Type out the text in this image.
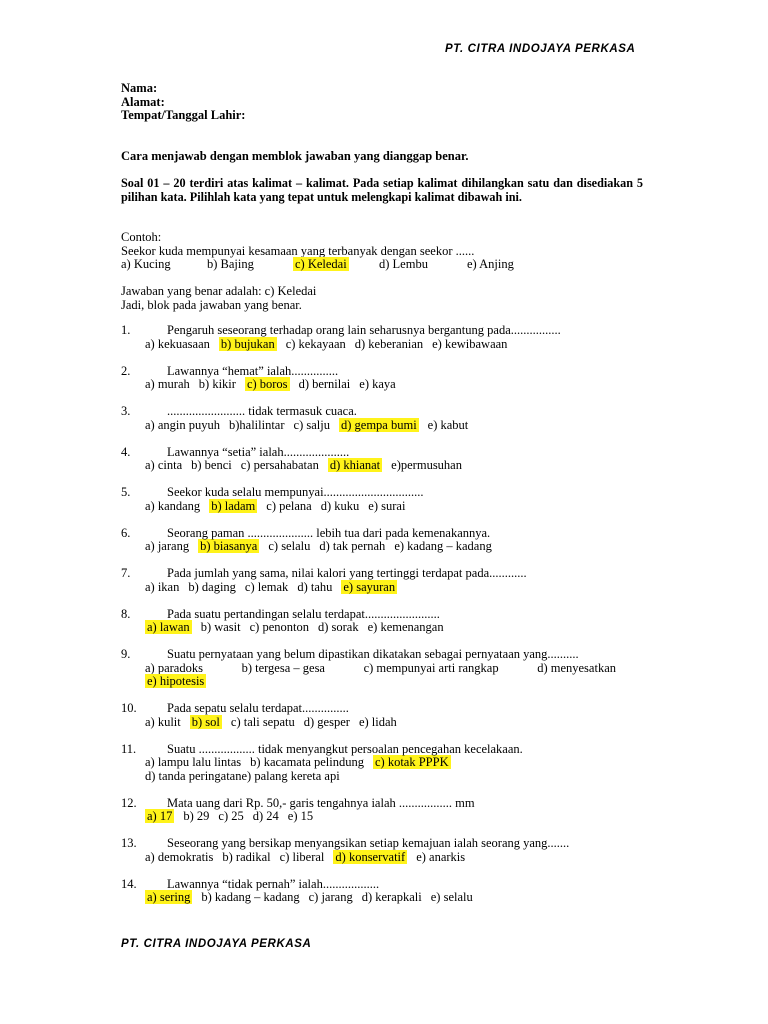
PT. CITRA INDOJAYA PERKASA
Nama:
Alamat:
Tempat/Tanggal Lahir:
Cara menjawab dengan memblok jawaban yang dianggap benar.
Soal 01 – 20 terdiri atas kalimat – kalimat. Pada setiap kalimat dihilangkan satu dan disediakan 5 pilihan kata. Pilihlah kata yang tepat untuk melengkapi kalimat dibawah ini.
Contoh:
Seekor kuda mempunyai kesamaan yang terbanyak dengan seekor ......
a) Kucing	b) Bajing	c) Keledai	d) Lembu	e) Anjing
Jawaban yang benar adalah: c) Keledai
Jadi, blok pada jawaban yang benar.
1.	Pengaruh seseorang terhadap orang lain seharusnya bergantung pada................
a) kekuasaan b) bujukan c) kekayaan d) keberanian e) kewibawaan
2.	Lawannya “hemat” ialah...............
a) murah b) kikir c) boros d) bernilai e) kaya
3.	......................... tidak termasuk cuaca.
a) angin puyuh b)halilintar c) salju d) gempa bumi e) kabut
4.	Lawannya “setia” ialah.....................
a) cinta b) benci c) persahabatan d) khianat e)permusuhan
5.	Seekor kuda selalu mempunyai................................
a) kandang b) ladam c) pelana d) kuku e) surai
6.	Seorang paman ..................... lebih tua dari pada kemenakannya.
a) jarang b) biasanya c) selalu d) tak pernah e) kadang – kadang
7.	Pada jumlah yang sama, nilai kalori yang tertinggi terdapat pada............
a) ikan b) daging c) lemak d) tahu e) sayuran
8.	Pada suatu pertandingan selalu terdapat........................
a) lawan b) wasit c) penonton d) sorak e) kemenangan
9.	Suatu pernyataan yang belum dipastikan dikatakan sebagai pernyataan yang..........
a) paradoks	b) tergesa – gesa	c) mempunyai arti rangkap	d) menyesatkan
e) hipotesis
10. Pada sepatu selalu terdapat...............
a) kulit b) sol c) tali sepatu d) gesper e) lidah
11. Suatu .................. tidak menyangkut persoalan pencegahan kecelakaan.
a) lampu lalu lintas b) kacamata pelindung c) kotak PPPK
d) tanda peringatane) palang kereta api
12. Mata uang dari Rp. 50,- garis tengahnya ialah ................. mm
a) 17 b) 29 c) 25 d) 24 e) 15
13. Seseorang yang bersikap menyangsikan setiap kemajuan ialah seorang yang.......
a) demokratis b) radikal c) liberal d) konservatif e) anarkis
14. Lawannya “tidak pernah” ialah..................
a) sering b) kadang – kadang c) jarang d) kerapkali e) selalu
PT. CITRA INDOJAYA PERKASA
